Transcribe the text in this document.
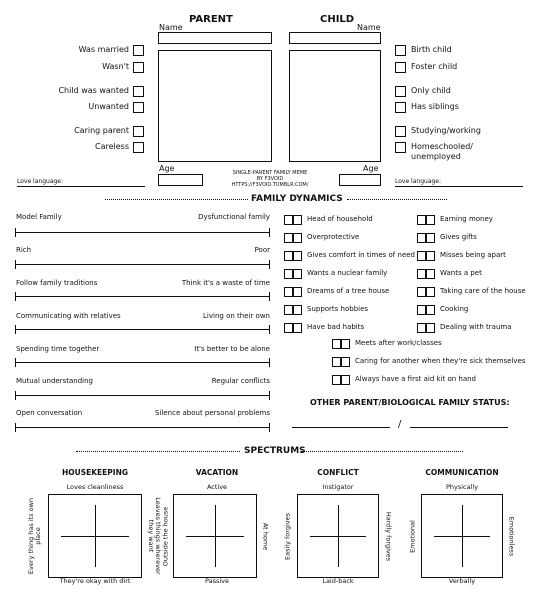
PARENT	CHILD
Name	Name
Was married
Wasn't
Child was wanted
Unwanted
Caring parent
Careless
Birth child
Foster child
Only child
Has siblings
Studying/working
Homeschooled/
unemployed
Age	Age
SINGLE-PARENT FAMILY MEME
BY F3VOID
HTTPS://F3VOID.TUMBLR.COM/
Love language:	Love language:
FAMILY DYNAMICS
Model Family	Dysfunctional family
Rich	Poor
Follow family traditions	Think it's a waste of time
Communicating with relatives	Living on their own
Spending time together	It's better to be alone
Mutual understanding	Regular conflicts
Open conversation	Silence about personal problems
Head of household
Overprotective
Gives comfort in times of need
Wants a nuclear family
Dreams of a tree house
Supports hobbies
Have bad habits
Earning money
Gives gifts
Misses being apart
Wants a pet
Taking care of the house
Cooking
Dealing with trauma
Meets after work/classes
Caring for another when they're sick themselves
Always have a first aid kit on hand
OTHER PARENT/BIOLOGICAL FAMILY STATUS:
/
SPECTRUMS
HOUSEKEEPING
Loves cleanliness
They're okay with dirt
Every thing has its own place	Leaves things wherever they want
VACATION
Active
Passive
Outside the house	At home
CONFLICT
Instigator
Laid-back
Easily forgives	Hardly forgives
COMMUNICATION
Physically
Verbally
Emotional	Emotionless
